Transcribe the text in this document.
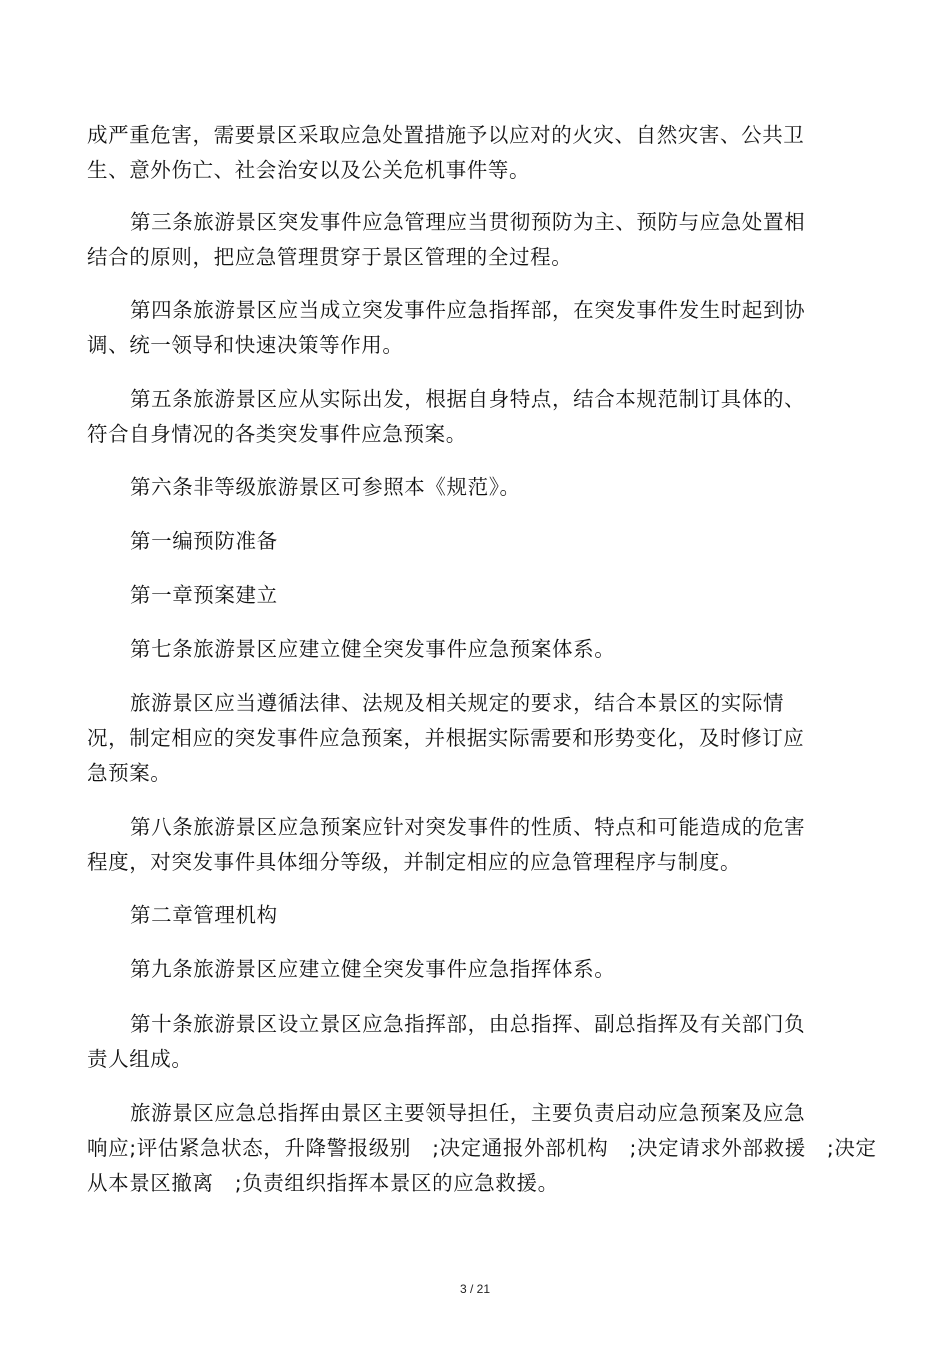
成严重危害，需要景区采取应急处置措施予以应对的火灾、自然灾害、公共卫
生、意外伤亡、社会治安以及公关危机事件等。

第三条旅游景区突发事件应急管理应当贯彻预防为主、预防与应急处置相
结合的原则，把应急管理贯穿于景区管理的全过程。

第四条旅游景区应当成立突发事件应急指挥部，在突发事件发生时起到协
调、统一领导和快速决策等作用。

第五条旅游景区应从实际出发，根据自身特点，结合本规范制订具体的、
符合自身情况的各类突发事件应急预案。

第六条非等级旅游景区可参照本《规范》。

第一编预防准备

第一章预案建立

第七条旅游景区应建立健全突发事件应急预案体系。

旅游景区应当遵循法律、法规及相关规定的要求，结合本景区的实际情
况，制定相应的突发事件应急预案，并根据实际需要和形势变化，及时修订应
急预案。

第八条旅游景区应急预案应针对突发事件的性质、特点和可能造成的危害
程度，对突发事件具体细分等级，并制定相应的应急管理程序与制度。

第二章管理机构

第九条旅游景区应建立健全突发事件应急指挥体系。

第十条旅游景区设立景区应急指挥部，由总指挥、副总指挥及有关部门负
责人组成。

旅游景区应急总指挥由景区主要领导担任，主要负责启动应急预案及应急
响应;评估紧急状态，升降警报级别　;决定通报外部机构　;决定请求外部救援　;决定
从本景区撤离　;负责组织指挥本景区的应急救援。

3 / 21
